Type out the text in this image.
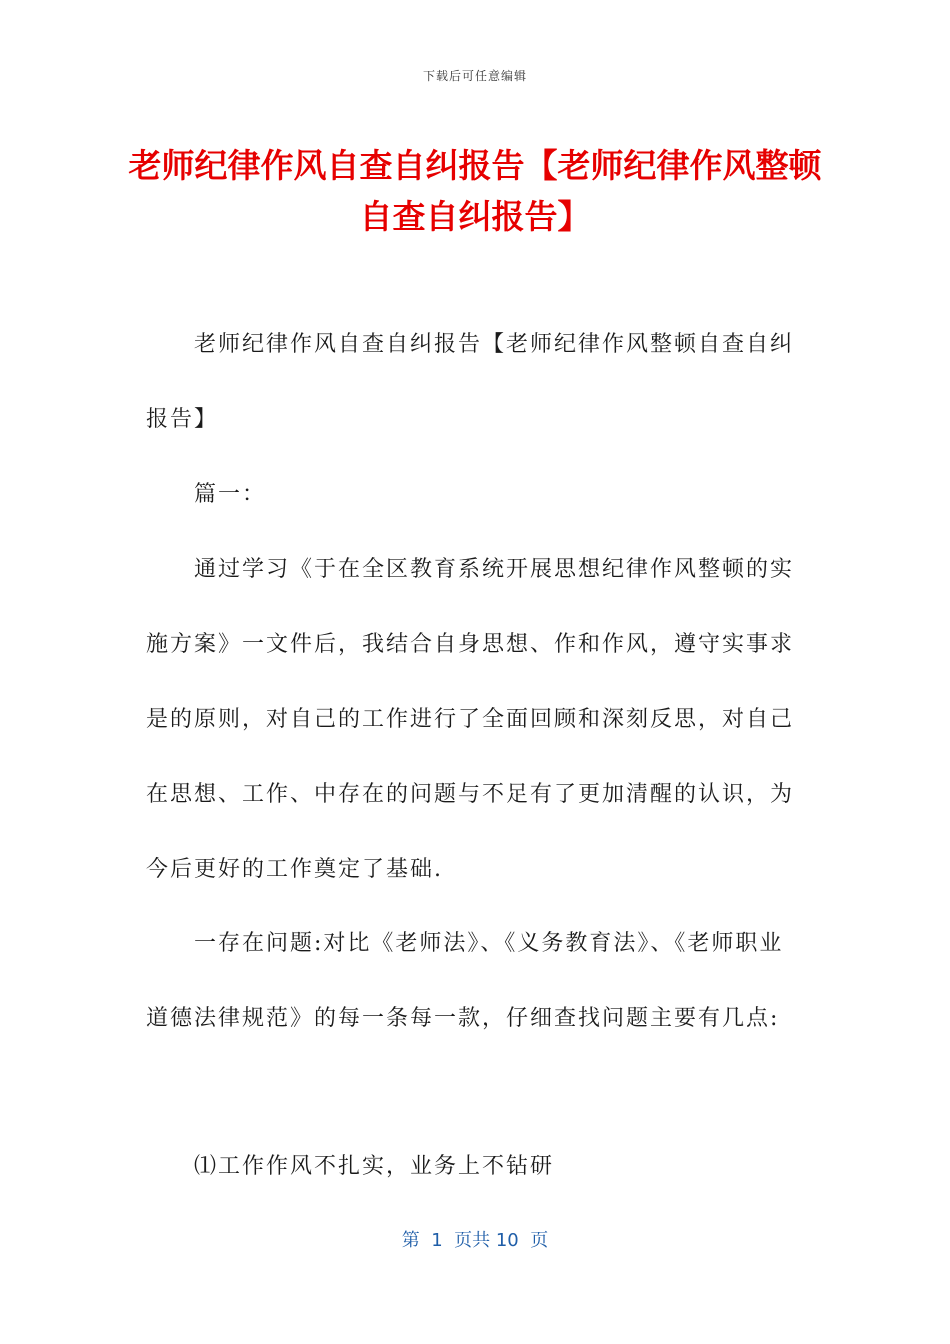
下载后可任意编辑
老师纪律作风自查自纠报告【老师纪律作风整顿自查自纠报告】

老师纪律作风自查自纠报告【老师纪律作风整顿自查自纠报告】

篇一：

通过学习《于在全区教育系统开展思想纪律作风整顿的实施方案》一文件后，我结合自身思想、作和作风，遵守实事求是的原则，对自己的工作进行了全面回顾和深刻反思，对自己在思想、工作、中存在的问题与不足有了更加清醒的认识，为今后更好的工作奠定了基础.

一存在问题:对比《老师法》、《义务教育法》、《老师职业道德法律规范》的每一条每一款，仔细查找问题主要有几点:

⑴工作作风不扎实，业务上不钻研

第  1  页共 10  页
